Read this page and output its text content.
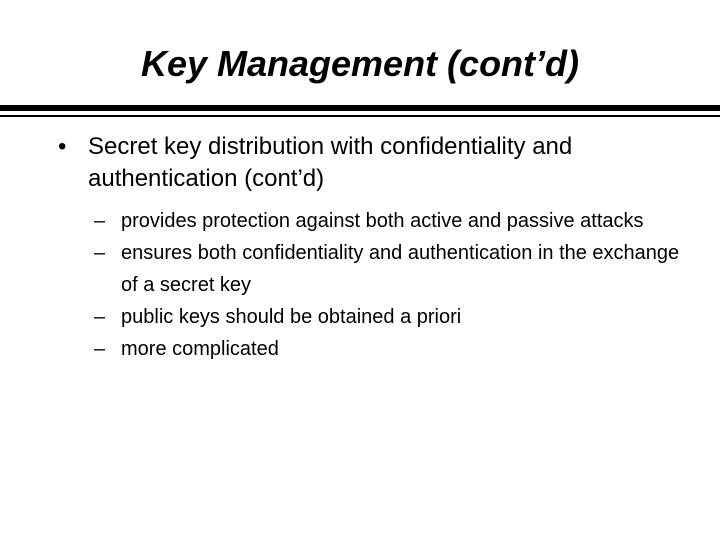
Key Management (cont’d)
• Secret key distribution with confidentiality and authentication (cont’d)
– provides protection against both active and passive attacks
– ensures both confidentiality and authentication in the exchange of a secret key
– public keys should be obtained a priori
– more complicated
